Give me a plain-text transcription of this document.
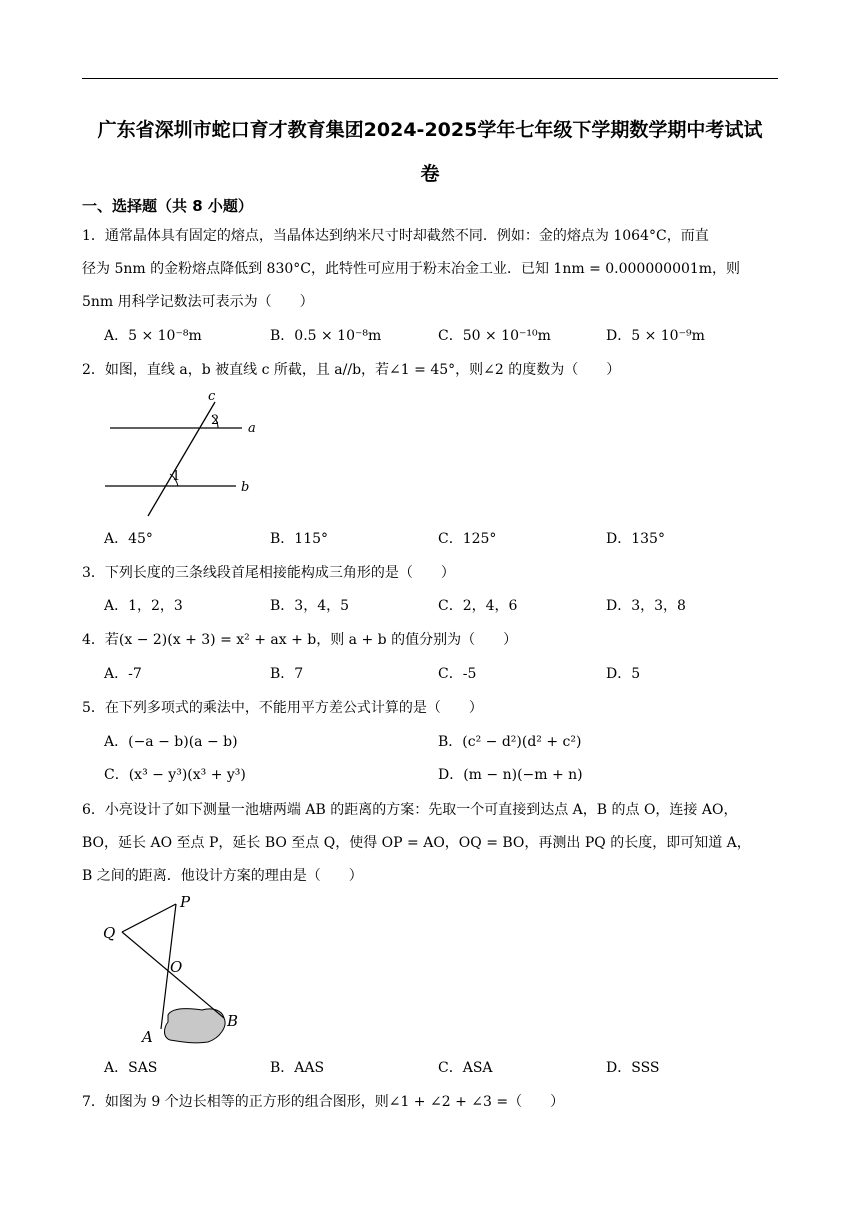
广东省深圳市蛇口育才教育集团2024-2025学年七年级下学期数学期中考试试
卷
一、选择题（共 8 小题）
1．通常晶体具有固定的熔点，当晶体达到纳米尺寸时却截然不同．例如：金的熔点为 1064°C，而直
径为 5nm 的金粉熔点降低到 830°C，此特性可应用于粉末冶金工业．已知 1nm = 0.000000001m，则
5nm 用科学记数法可表示为（　　）
A．5 × 10⁻⁸m	B．0.5 × 10⁻⁸m	C．50 × 10⁻¹⁰m	D．5 × 10⁻⁹m
2．如图，直线 a，b 被直线 c 所截，且 a//b，若∠1 = 45°，则∠2 的度数为（　　）
c
2
a
1
b
A．45°	B．115°	C．125°	D．135°
3．下列长度的三条线段首尾相接能构成三角形的是（　　）
A．1，2，3	B．3，4，5	C．2，4，6	D．3，3，8
4．若(x − 2)(x + 3) = x² + ax + b，则 a + b 的值分别为（　　）
A．-7	B．7	C．-5	D．5
5．在下列多项式的乘法中，不能用平方差公式计算的是（　　）
A．(−a − b)(a − b)	B．(c² − d²)(d² + c²)
C．(x³ − y³)(x³ + y³)	D．(m − n)(−m + n)
6．小亮设计了如下测量一池塘两端 AB 的距离的方案：先取一个可直接到达点 A，B 的点 O，连接 AO，
BO，延长 AO 至点 P，延长 BO 至点 Q，使得 OP = AO，OQ = BO，再测出 PQ 的长度，即可知道 A，
B 之间的距离．他设计方案的理由是（　　）
P
Q
O
A
B
A．SAS	B．AAS	C．ASA	D．SSS
7．如图为 9 个边长相等的正方形的组合图形，则∠1 + ∠2 + ∠3 =（　　）
